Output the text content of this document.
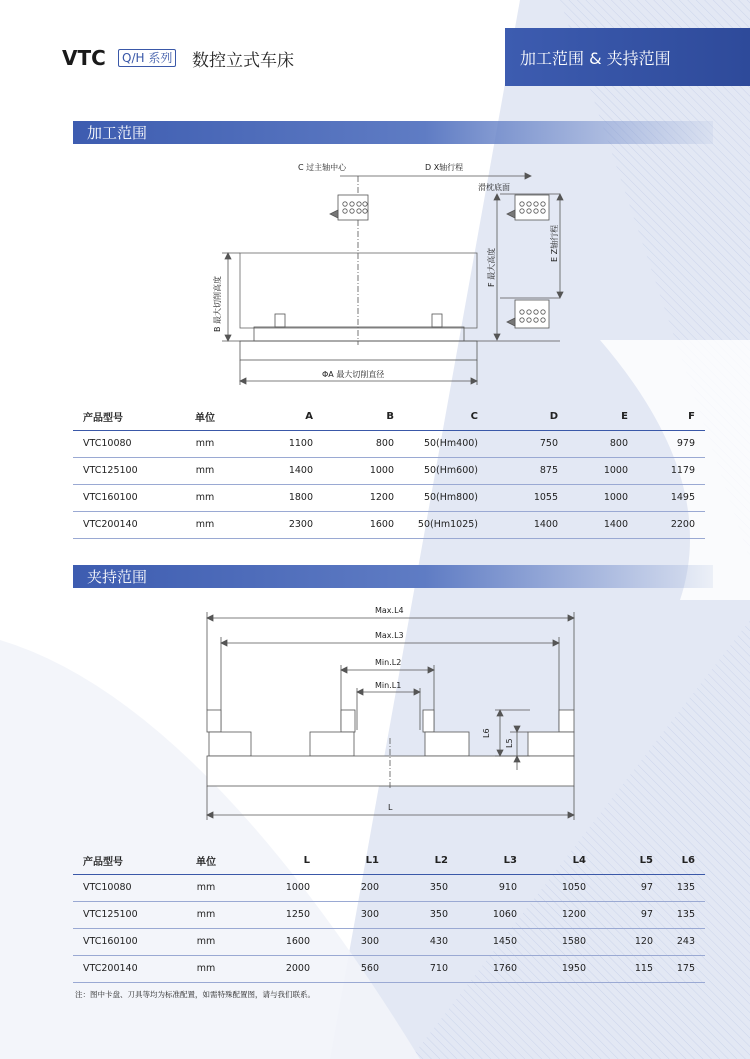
VTC	Q/H 系列 数控立式车床	加工范围 & 夹持范围
加工范围
C 过主轴中心	D X轴行程
滑枕底面
E Z轴行程
F 最大高度
B 最大切削高度
ΦA 最大切削直径
Max.L4
Max.L3
Min.L2
Min.L1
L6
L5
L
产品型号	单位	A	B	C	D	E	F
VTC10080	mm	1100	800	50(Hm400)	750	800	979
VTC125100	mm	1400	1000	50(Hm600)	875	1000	1179
VTC160100	mm	1800	1200	50(Hm800)	1055	1000	1495
VTC200140	mm	2300	1600	50(Hm1025)	1400	1400	2200
夹持范围
产品型号	单位	L	L1	L2	L3	L4	L5	L6
VTC10080	mm	1000	200	350	910	1050	97	135
VTC125100	mm	1250	300	350	1060	1200	97	135
VTC160100	mm	1600	300	430	1450	1580	120	243
VTC200140	mm	2000	560	710	1760	1950	115	175
注：图中卡盘、刀具等均为标准配置，如需特殊配置图，请与我们联系。
